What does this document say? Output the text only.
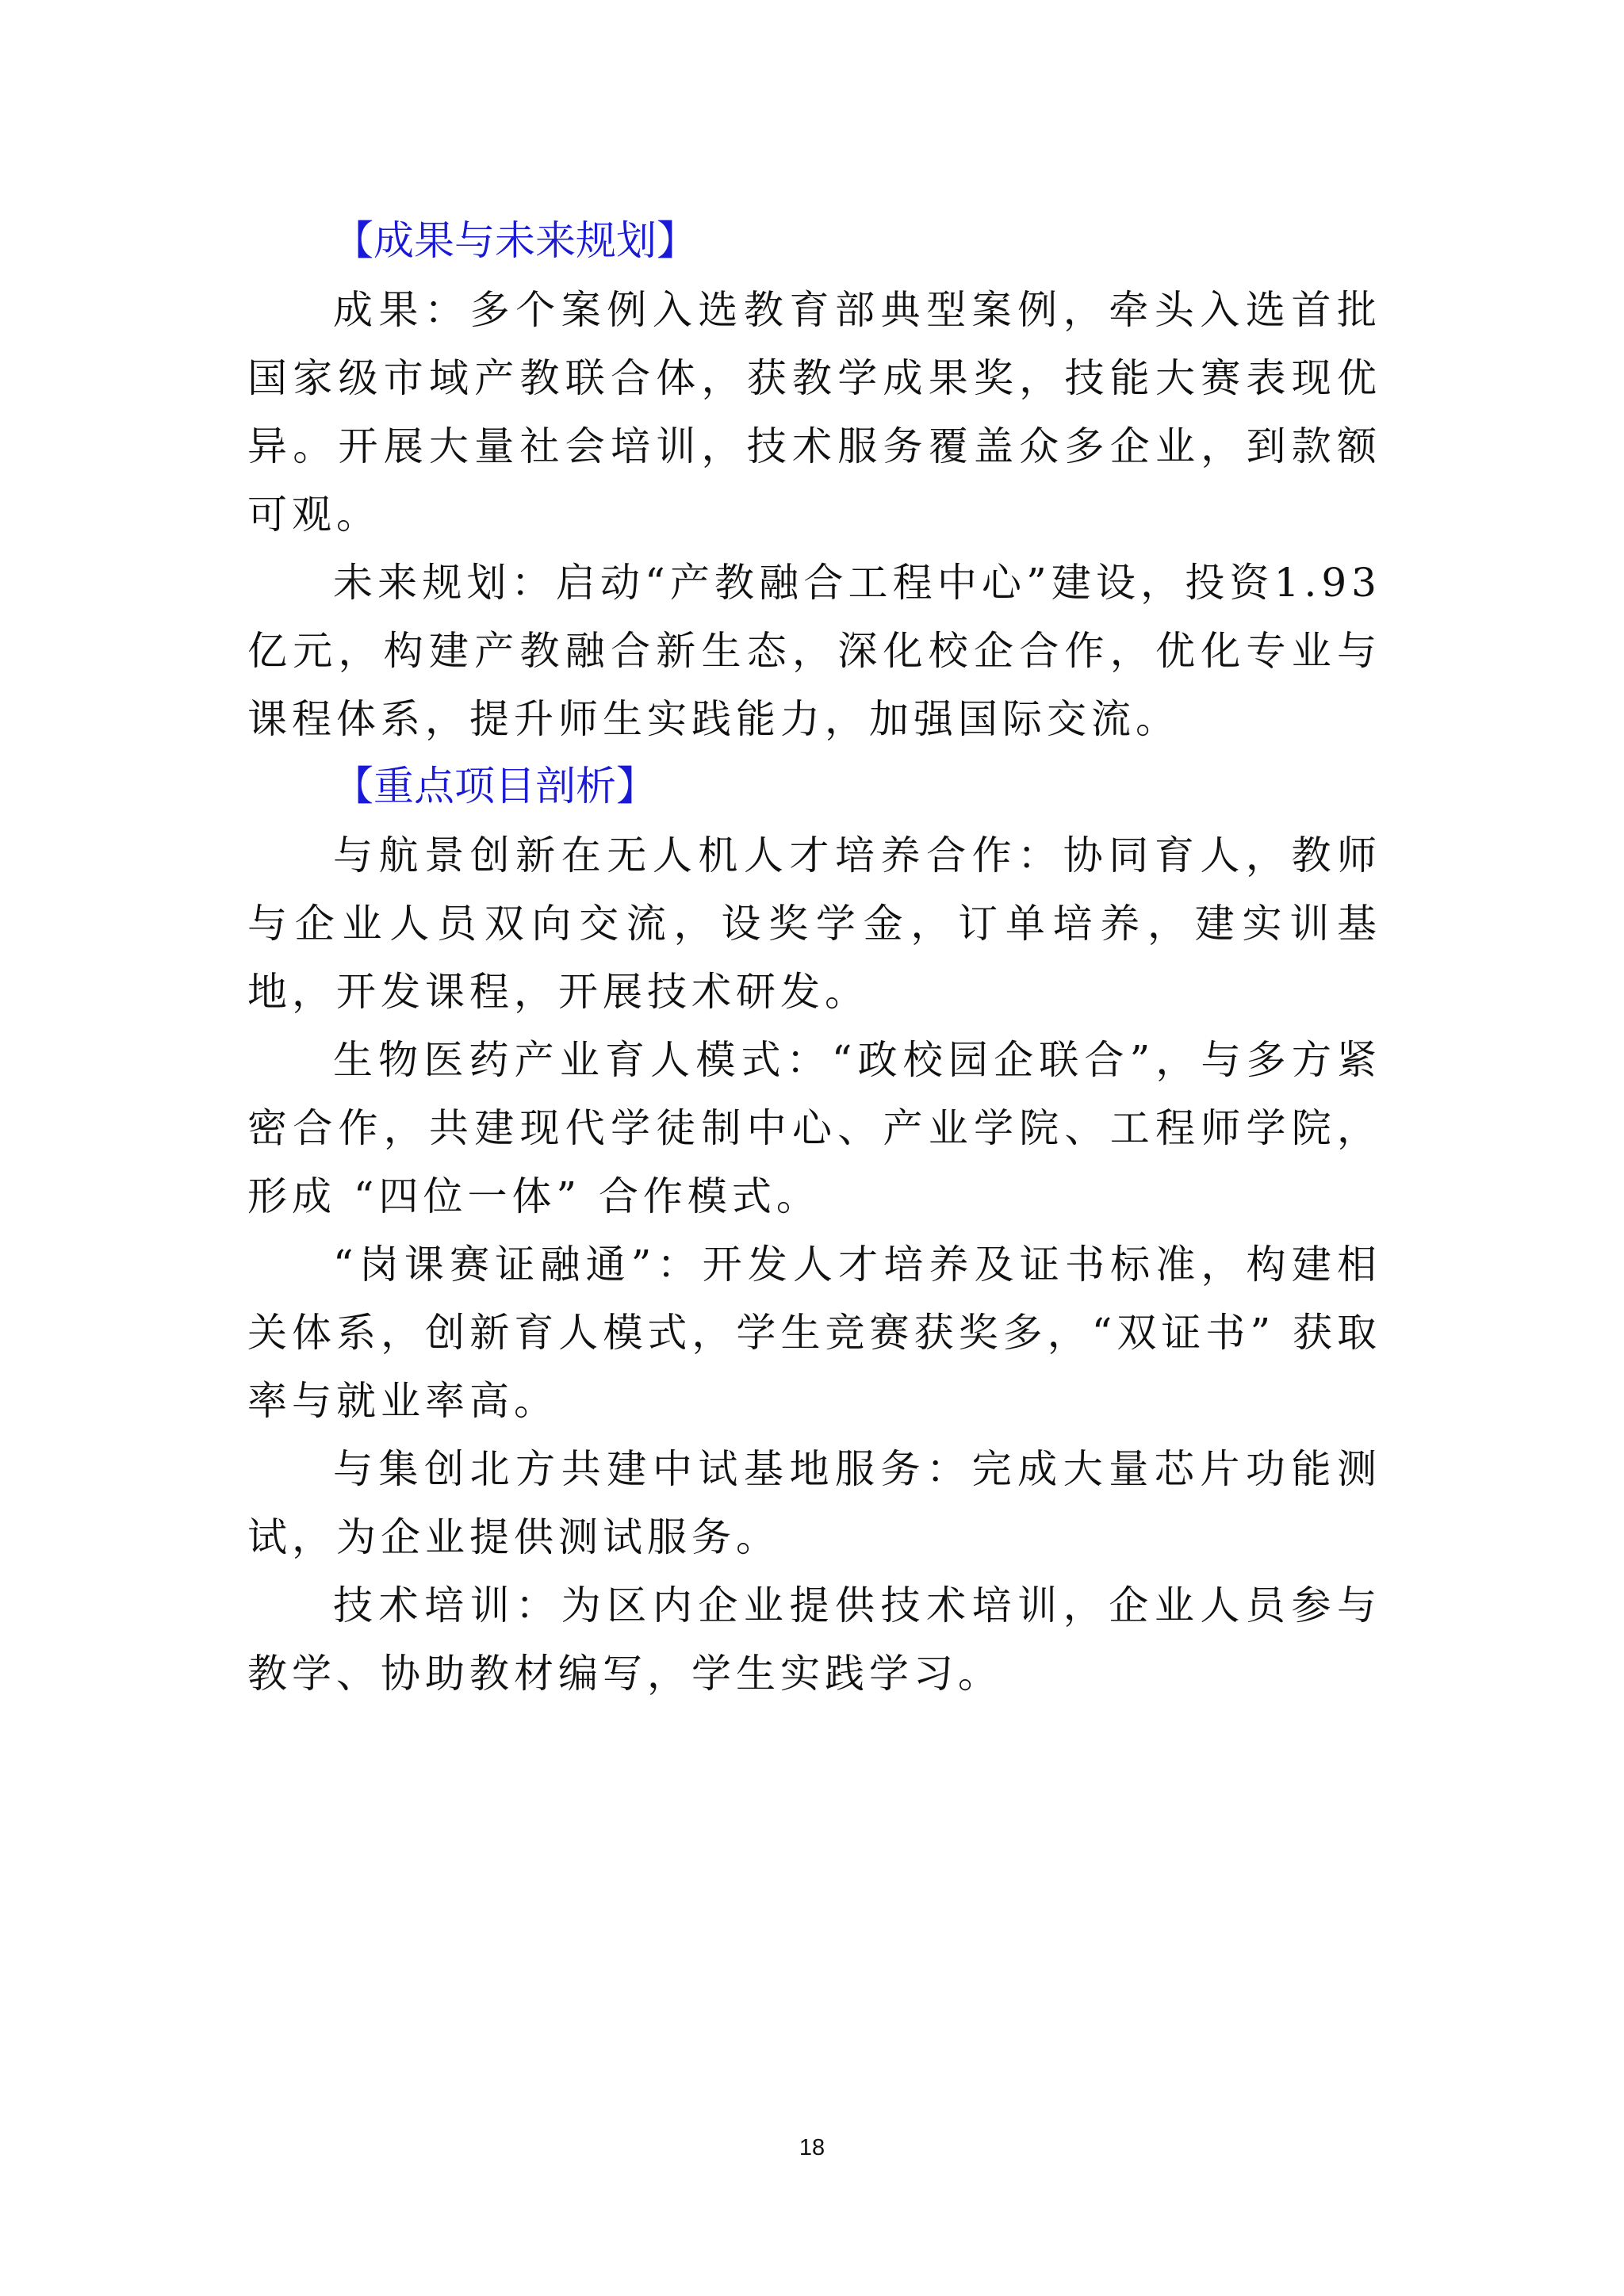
【成果与未来规划】

成果：多个案例入选教育部典型案例，牵头入选首批国家级市域产教联合体，获教学成果奖，技能大赛表现优异。开展大量社会培训，技术服务覆盖众多企业，到款额可观。

未来规划：启动“产教融合工程中心”建设，投资1.93亿元，构建产教融合新生态，深化校企合作，优化专业与课程体系，提升师生实践能力，加强国际交流。

【重点项目剖析】

与航景创新在无人机人才培养合作：协同育人，教师与企业人员双向交流，设奖学金，订单培养，建实训基地，开发课程，开展技术研发。

生物医药产业育人模式：“政校园企联合”，与多方紧密合作，共建现代学徒制中心、产业学院、工程师学院，形成 “四位一体” 合作模式。

“岗课赛证融通”：开发人才培养及证书标准，构建相关体系，创新育人模式，学生竞赛获奖多，“双证书” 获取率与就业率高。

与集创北方共建中试基地服务：完成大量芯片功能测试，为企业提供测试服务。

技术培训：为区内企业提供技术培训，企业人员参与教学、协助教材编写，学生实践学习。

18
